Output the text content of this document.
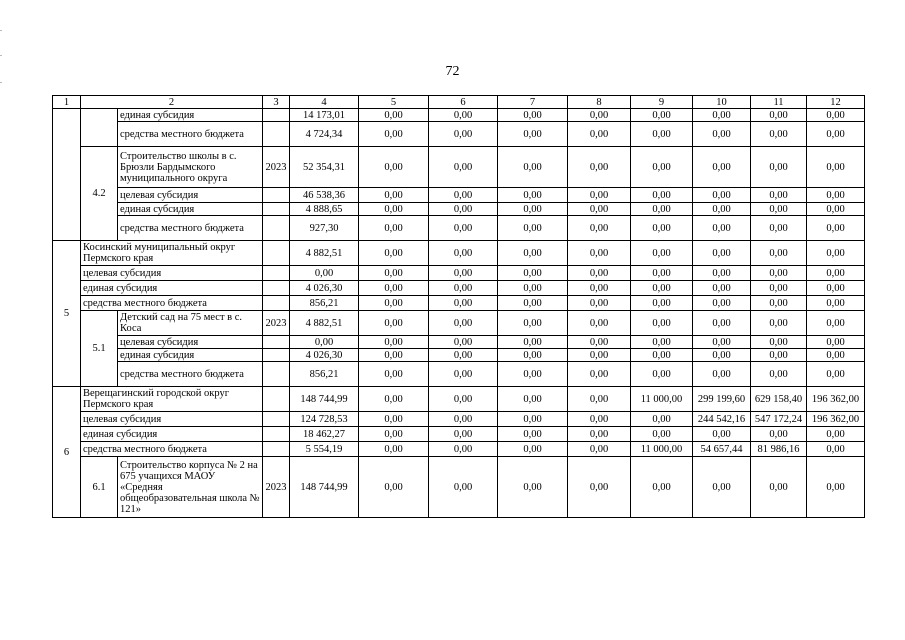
72
1	2		3	4	5	6	7	8	9	10	11	12
		единая субсидия		14 173,01	0,00	0,00	0,00	0,00	0,00	0,00	0,00	0,00
		средства местного бюджета		4 724,34	0,00	0,00	0,00	0,00	0,00	0,00	0,00	0,00
	4.2	Строительство школы в с. Брюзли Бардымского муниципального округа	2023	52 354,31	0,00	0,00	0,00	0,00	0,00	0,00	0,00	0,00
		целевая субсидия		46 538,36	0,00	0,00	0,00	0,00	0,00	0,00	0,00	0,00
		единая субсидия		4 888,65	0,00	0,00	0,00	0,00	0,00	0,00	0,00	0,00
		средства местного бюджета		927,30	0,00	0,00	0,00	0,00	0,00	0,00	0,00	0,00
5	Косинский муниципальный округ Пермского края			4 882,51	0,00	0,00	0,00	0,00	0,00	0,00	0,00	0,00
	целевая субсидия			0,00	0,00	0,00	0,00	0,00	0,00	0,00	0,00	0,00
	единая субсидия			4 026,30	0,00	0,00	0,00	0,00	0,00	0,00	0,00	0,00
	средства местного бюджета			856,21	0,00	0,00	0,00	0,00	0,00	0,00	0,00	0,00
	5.1	Детский сад на 75 мест в с. Коса	2023	4 882,51	0,00	0,00	0,00	0,00	0,00	0,00	0,00	0,00
		целевая субсидия		0,00	0,00	0,00	0,00	0,00	0,00	0,00	0,00	0,00
		единая субсидия		4 026,30	0,00	0,00	0,00	0,00	0,00	0,00	0,00	0,00
		средства местного бюджета		856,21	0,00	0,00	0,00	0,00	0,00	0,00	0,00	0,00
6	Верещагинский городской округ Пермского края			148 744,99	0,00	0,00	0,00	0,00	11 000,00	299 199,60	629 158,40	196 362,00
	целевая субсидия			124 728,53	0,00	0,00	0,00	0,00	0,00	244 542,16	547 172,24	196 362,00
	единая субсидия			18 462,27	0,00	0,00	0,00	0,00	0,00	0,00	0,00	0,00
	средства местного бюджета			5 554,19	0,00	0,00	0,00	0,00	11 000,00	54 657,44	81 986,16	0,00
	6.1	Строительство корпуса № 2 на 675 учащихся МАОУ «Средняя общеобразовательная школа № 121»	2023	148 744,99	0,00	0,00	0,00	0,00	0,00	0,00	0,00	0,00
